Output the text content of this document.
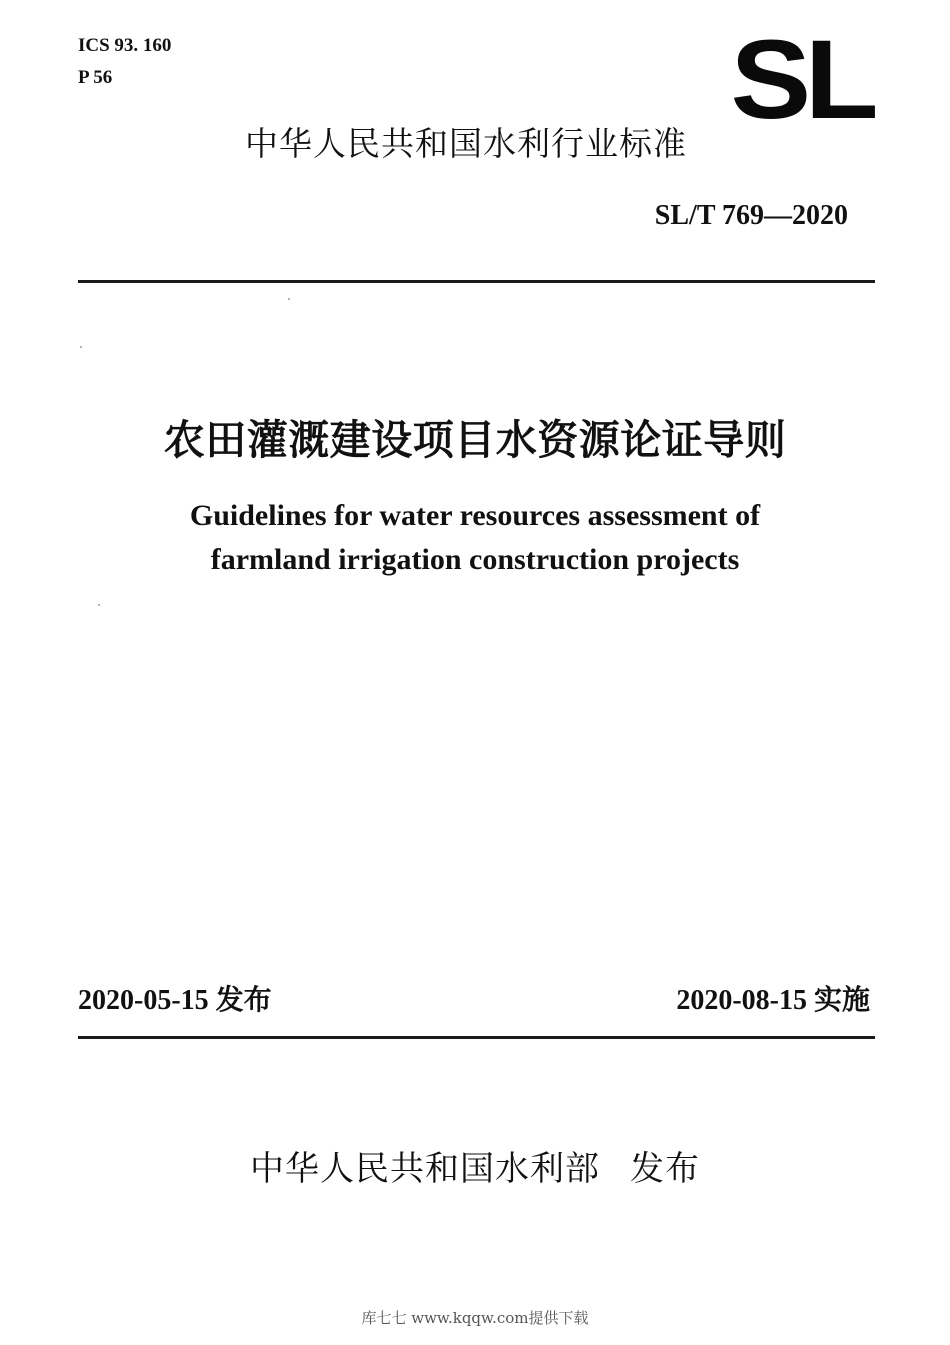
ICS 93. 160
P 56	SL
中华人民共和国水利行业标准
SL/T 769—2020
农田灌溉建设项目水资源论证导则
Guidelines for water resources assessment of
farmland irrigation construction projects
2020-05-15 发布	2020-08-15 实施
中华人民共和国水利部 发布
库七七 www.kqqw.com提供下载
